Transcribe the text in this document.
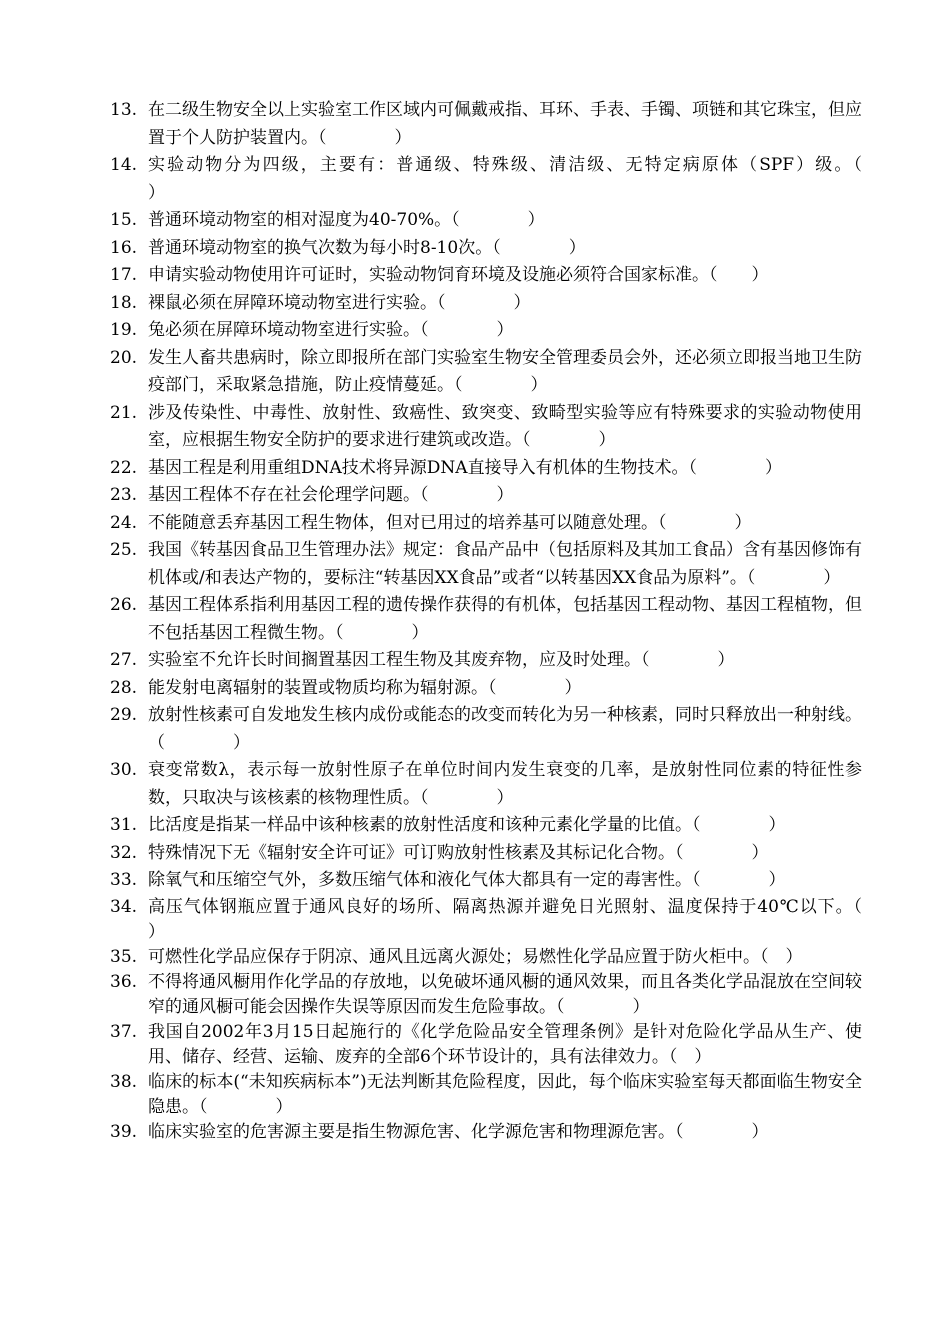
13. 在二级生物安全以上实验室工作区域内可佩戴戒指、耳环、手表、手镯、项链和其它珠宝，但应置于个人防护装置内。（　　　　）
14. 实验动物分为四级，主要有：普通级、特殊级、清洁级、无特定病原体（SPF）级。（　　　　）
15. 普通环境动物室的相对湿度为40-70%。（　　　　）
16. 普通环境动物室的换气次数为每小时8-10次。（　　　　）
17. 申请实验动物使用许可证时，实验动物饲育环境及设施必须符合国家标准。（　　）
18. 裸鼠必须在屏障环境动物室进行实验。（　　　　）
19. 兔必须在屏障环境动物室进行实验。（　　　　）
20. 发生人畜共患病时，除立即报所在部门实验室生物安全管理委员会外，还必须立即报当地卫生防疫部门，采取紧急措施，防止疫情蔓延。（　　　　）
21. 涉及传染性、中毒性、放射性、致癌性、致突变、致畸型实验等应有特殊要求的实验动物使用室，应根据生物安全防护的要求进行建筑或改造。（　　　　）
22. 基因工程是利用重组DNA技术将异源DNA直接导入有机体的生物技术。（　　　　）
23. 基因工程体不存在社会伦理学问题。（　　　　）
24. 不能随意丢弃基因工程生物体，但对已用过的培养基可以随意处理。（　　　　）
25. 我国《转基因食品卫生管理办法》规定：食品产品中（包括原料及其加工食品）含有基因修饰有机体或/和表达产物的，要标注“转基因XX食品”或者“以转基因XX食品为原料”。（　　　　）
26. 基因工程体系指利用基因工程的遗传操作获得的有机体，包括基因工程动物、基因工程植物，但不包括基因工程微生物。（　　　　）
27. 实验室不允许长时间搁置基因工程生物及其废弃物，应及时处理。（　　　　）
28. 能发射电离辐射的装置或物质均称为辐射源。（　　　　）
29. 放射性核素可自发地发生核内成份或能态的改变而转化为另一种核素，同时只释放出一种射线。（　　　　）
30. 衰变常数λ，表示每一放射性原子在单位时间内发生衰变的几率，是放射性同位素的特征性参数，只取决与该核素的核物理性质。（　　　　）
31. 比活度是指某一样品中该种核素的放射性活度和该种元素化学量的比值。（　　　　）
32. 特殊情况下无《辐射安全许可证》可订购放射性核素及其标记化合物。（　　　　）
33. 除氧气和压缩空气外，多数压缩气体和液化气体大都具有一定的毒害性。（　　　　）
34. 高压气体钢瓶应置于通风良好的场所、隔离热源并避免日光照射、温度保持于40℃以下。（　　　　）
35. 可燃性化学品应保存于阴凉、通风且远离火源处；易燃性化学品应置于防火柜中。（　）
36. 不得将通风橱用作化学品的存放地，以免破坏通风橱的通风效果，而且各类化学品混放在空间较窄的通风橱可能会因操作失误等原因而发生危险事故。（　　　　）
37. 我国自2002年3月15日起施行的《化学危险品安全管理条例》是针对危险化学品从生产、使用、储存、经营、运输、废弃的全部6个环节设计的，具有法律效力。（　）
38. 临床的标本(“未知疾病标本”)无法判断其危险程度，因此，每个临床实验室每天都面临生物安全隐患。（　　　　）
39. 临床实验室的危害源主要是指生物源危害、化学源危害和物理源危害。（　　　　）
